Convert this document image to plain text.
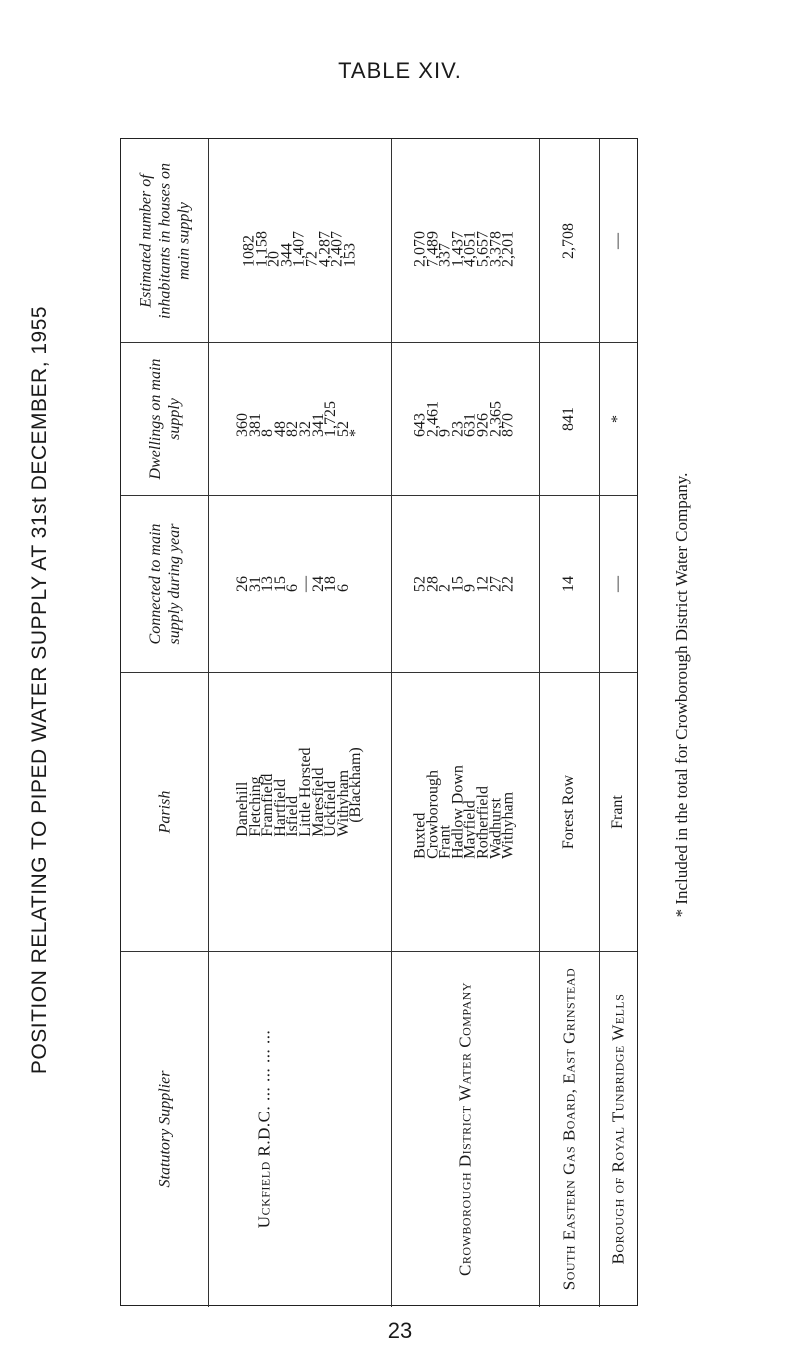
TABLE XIV.
POSITION RELATING TO PIPED WATER SUPPLY AT 31st DECEMBER, 1955	* Included in the total for Crowborough District Water Company.
Estimated number of inhabitants in houses on main supply
Dwellings on main supply
Connected to main supply during year
Parish
Statutory Supplier
1082
1,158
20
344
1,407
72
4,287
2,407
153
360
381
8
48
82
32
341
1,725
52
*
26
31
13
15
6
—
24
18
6

Danehill
Fletching
Framfield
Hartfield
Isfield
Little Horsted
Maresfield
Uckfield
Withyham
(Blackham)
Uckfield R.D.C. ... ... ... ...
2,070
7,489
337
1,437
4,051
5,657
3,378
2,201
643
2,461
9
23
631
926
2,365
870
52
28
2
15
9
12
27
22
Buxted
Crowborough
Frant
Hadlow Down
Mayfield
Rotherfield
Wadhurst
Withyham
Crowborough District Water Company
2,708
841
14
Forest Row
South Eastern Gas Board, East Grinstead
—
*
—
Frant
Borough of Royal Tunbridge Wells
23
